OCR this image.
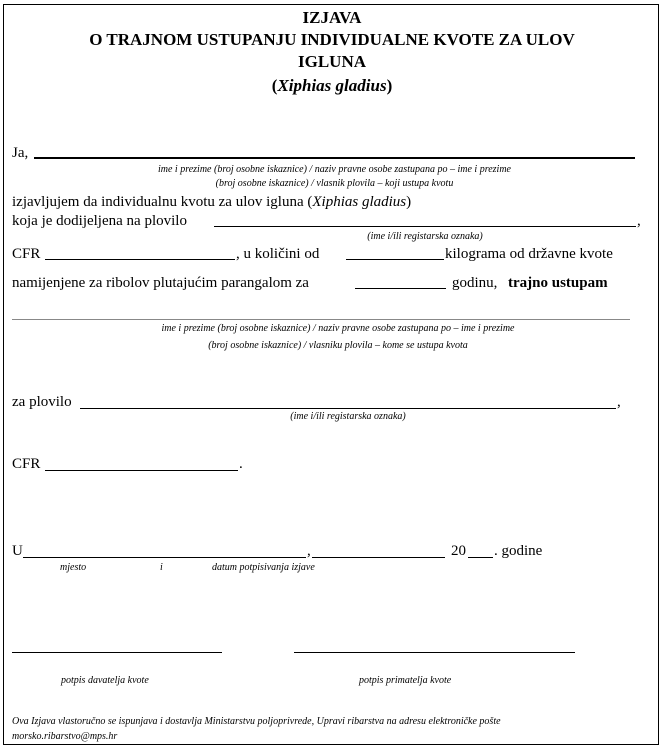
IZJAVA
O TRAJNOM USTUPANJU INDIVIDUALNE KVOTE ZA ULOV
IGLUNA
(Xiphias gladius)
Ja,
ime i prezime (broj osobne iskaznice) / naziv pravne osobe zastupana po – ime i prezime
(broj osobne iskaznice) / vlasnik plovila – koji ustupa kvotu
izjavljujem da individualnu kvotu za ulov igluna (Xiphias gladius)
koja je dodijeljena na plovilo	,
(ime i/ili registarska oznaka)
CFR	, u količini od	kilograma od državne kvote
namijenjene za ribolov plutajućim parangalom za	godinu, trajno ustupam
ime i prezime (broj osobne iskaznice) / naziv pravne osobe zastupana po – ime i prezime
(broj osobne iskaznice) / vlasniku plovila – kome se ustupa kvota
za plovilo	,
(ime i/ili registarska oznaka)
CFR	.
U	,	20 . godine
mjesto	i	datum potpisivanja izjave
potpis davatelja kvote	potpis primatelja kvote
Ova Izjava vlastoručno se ispunjava i dostavlja Ministarstvu poljoprivrede, Upravi ribarstva na adresu elektroničke pošte
morsko.ribarstvo@mps.hr
